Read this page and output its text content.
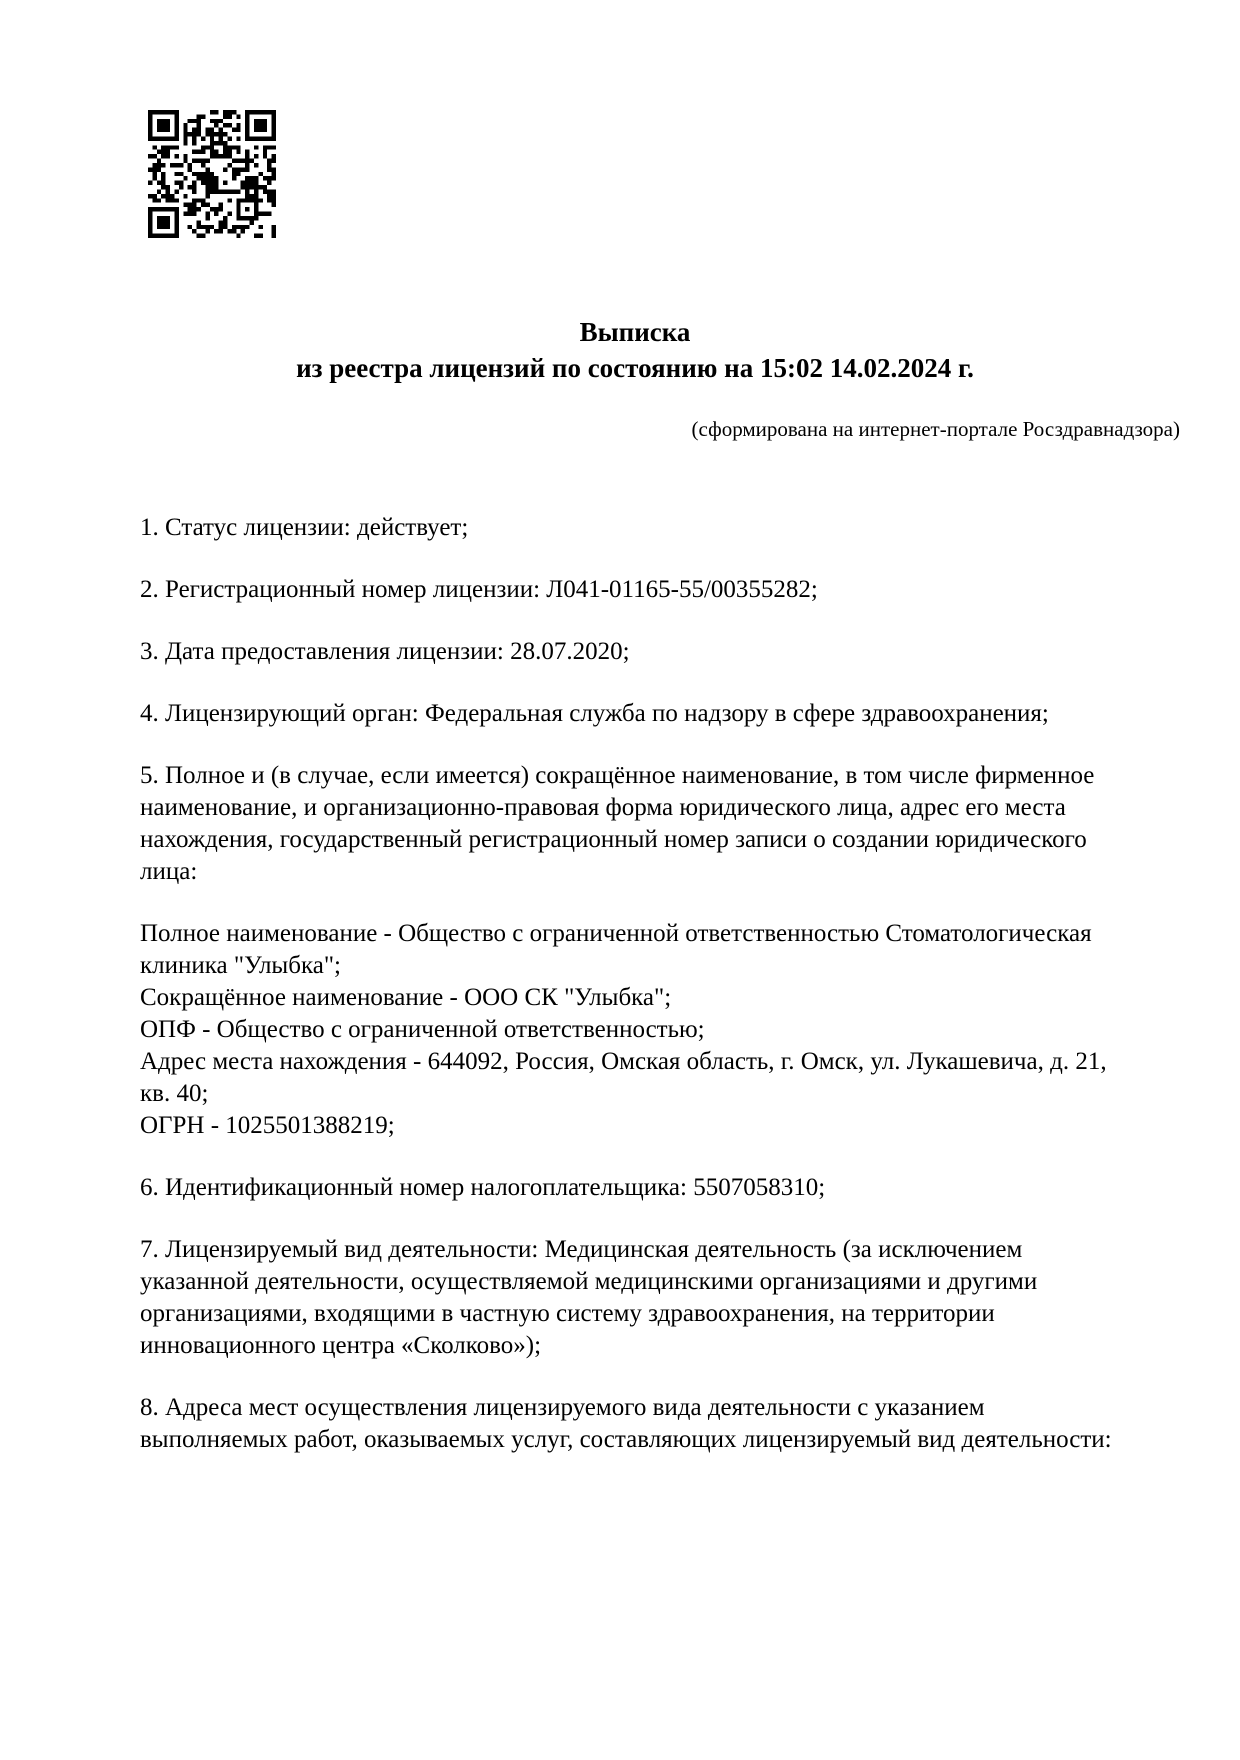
Выписка
из реестра лицензий по состоянию на 15:02 14.02.2024 г.
(сформирована на интернет-портале Росздравнадзора)
1. Статус лицензии: действует;
2. Регистрационный номер лицензии: Л041-01165-55/00355282;
3. Дата предоставления лицензии: 28.07.2020;
4. Лицензирующий орган: Федеральная служба по надзору в сфере здравоохранения;
5. Полное и (в случае, если имеется) сокращённое наименование, в том числе фирменное наименование, и организационно-правовая форма юридического лица, адрес его места нахождения, государственный регистрационный номер записи о создании юридического лица:
Полное наименование - Общество с ограниченной ответственностью Стоматологическая клиника "Улыбка";
Сокращённое наименование - ООО СК "Улыбка";
ОПФ - Общество с ограниченной ответственностью;
Адрес места нахождения - 644092, Россия, Омская область, г. Омск, ул. Лукашевича, д. 21, кв. 40;
ОГРН - 1025501388219;
6. Идентификационный номер налогоплательщика: 5507058310;
7. Лицензируемый вид деятельности: Медицинская деятельность (за исключением указанной деятельности, осуществляемой медицинскими организациями и другими организациями, входящими в частную систему здравоохранения, на территории инновационного центра «Сколково»);
8. Адреса мест осуществления лицензируемого вида деятельности с указанием выполняемых работ, оказываемых услуг, составляющих лицензируемый вид деятельности:
